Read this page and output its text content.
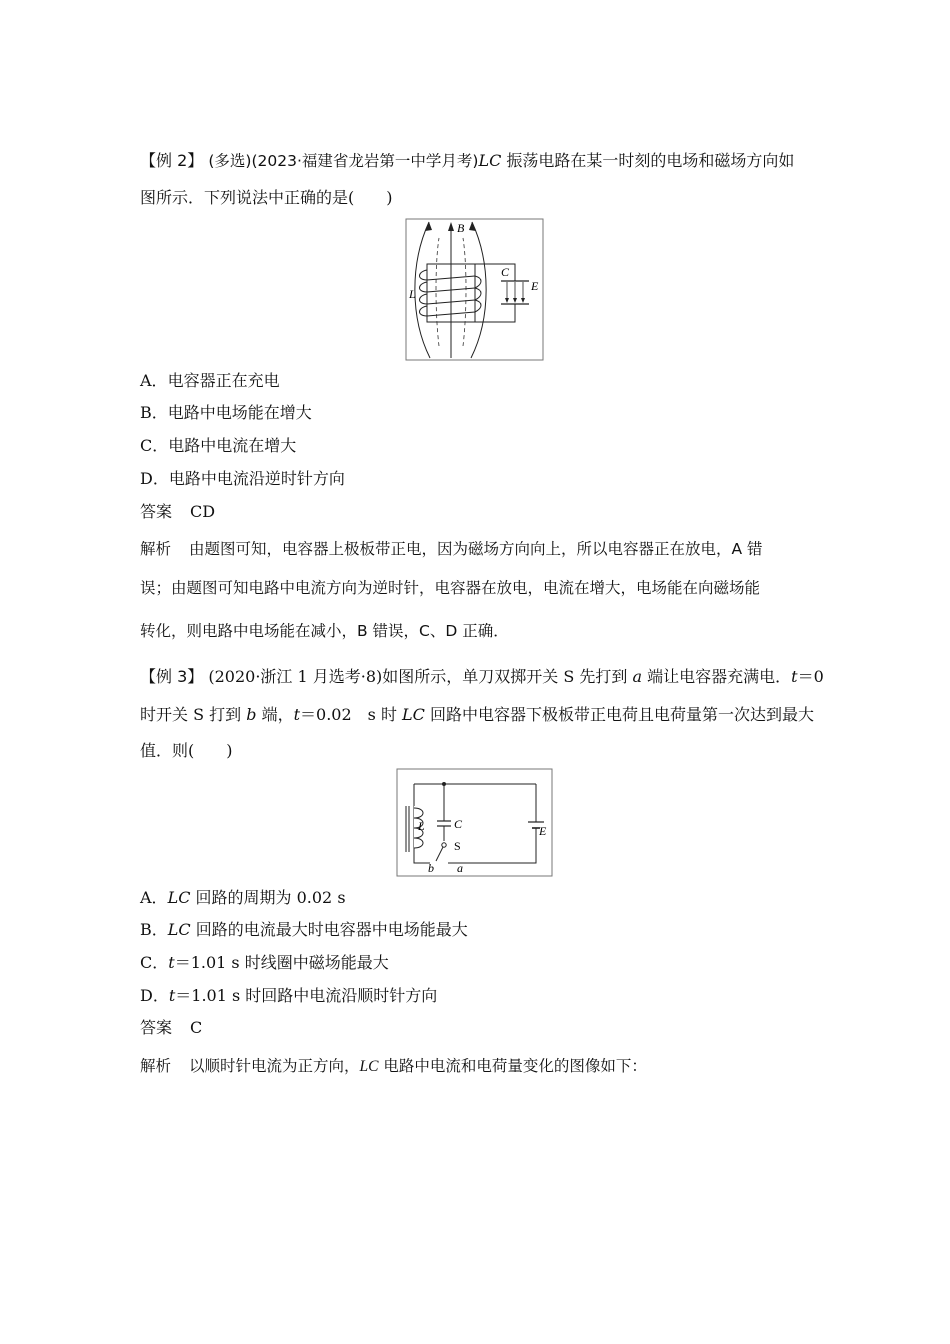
【例 2】 (多选)(2023·福建省龙岩第一中学月考)LC 振荡电路在某一时刻的电场和磁场方向如
图所示．下列说法中正确的是(　　)
B
L
C
E
A．电容器正在充电
B．电路中电场能在增大
C．电路中电流在增大
D．电路中电流沿逆时针方向
答案 CD
解析 由题图可知，电容器上极板带正电，因为磁场方向向上，所以电容器正在放电，A 错
误；由题图可知电路中电流方向为逆时针，电容器在放电，电流在增大，电场能在向磁场能
转化，则电路中电场能在减小，B 错误，C、D 正确．
【例 3】 (2020·浙江 1 月选考·8)如图所示，单刀双掷开关 S 先打到 a 端让电容器充满电．t＝0
时开关 S 打到 b 端，t＝0.02　s 时 LC 回路中电容器下极板带正电荷且电荷量第一次达到最大
值．则(　　)
L C
S
E
b a
A．LC 回路的周期为 0.02 s
B．LC 回路的电流最大时电容器中电场能最大
C．t＝1.01 s 时线圈中磁场能最大
D．t＝1.01 s 时回路中电流沿顺时针方向
答案 C
解析 以顺时针电流为正方向，LC 电路中电流和电荷量变化的图像如下：
